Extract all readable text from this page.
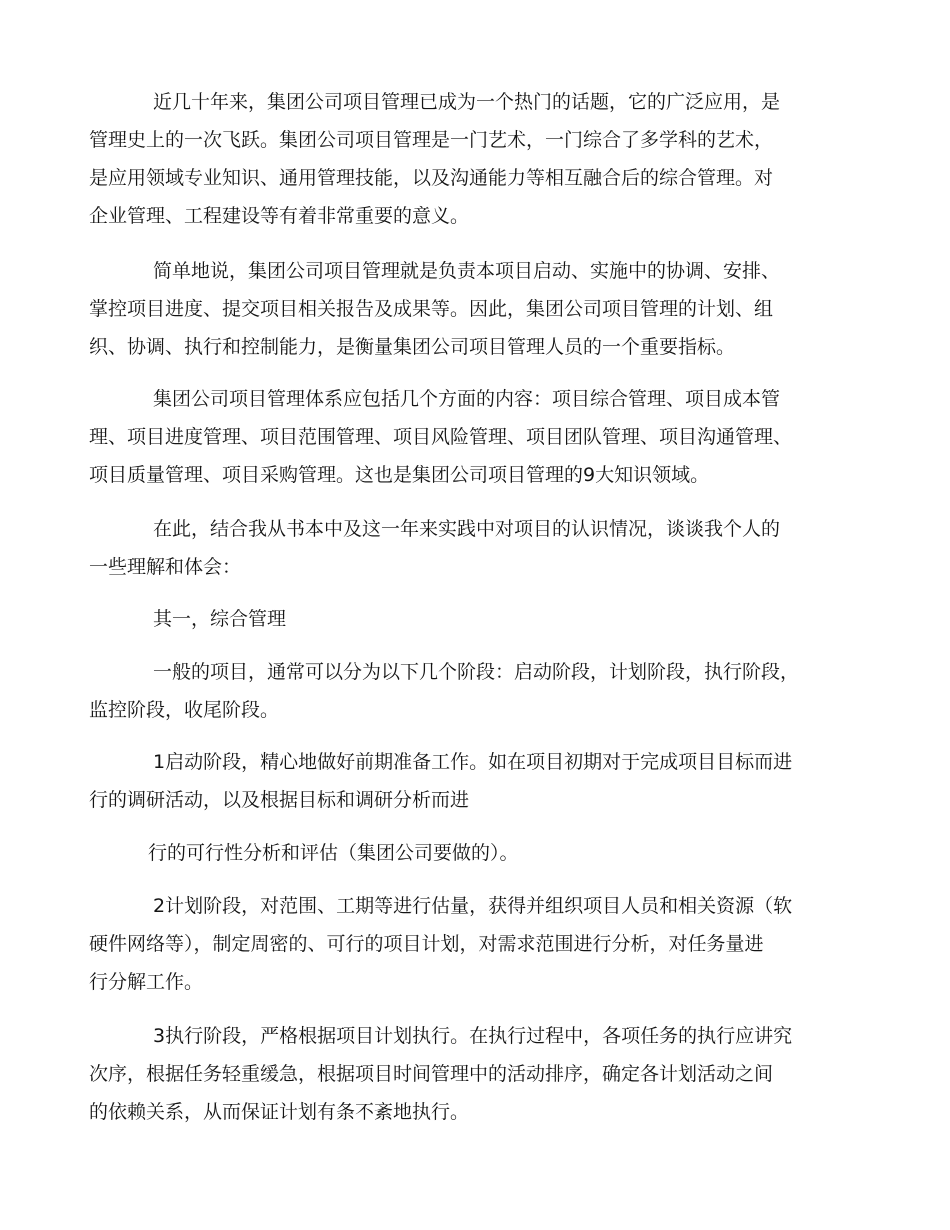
近几十年来，集团公司项目管理已成为一个热门的话题，它的广泛应用，是

管理史上的一次飞跃。集团公司项目管理是一门艺术，一门综合了多学科的艺术，

是应用领域专业知识、通用管理技能，以及沟通能力等相互融合后的综合管理。对

企业管理、工程建设等有着非常重要的意义。

简单地说，集团公司项目管理就是负责本项目启动、实施中的协调、安排、

掌控项目进度、提交项目相关报告及成果等。因此，集团公司项目管理的计划、组

织、协调、执行和控制能力，是衡量集团公司项目管理人员的一个重要指标。

集团公司项目管理体系应包括几个方面的内容：项目综合管理、项目成本管

理、项目进度管理、项目范围管理、项目风险管理、项目团队管理、项目沟通管理、

项目质量管理、项目采购管理。这也是集团公司项目管理的9大知识领域。

在此，结合我从书本中及这一年来实践中对项目的认识情况，谈谈我个人的

一些理解和体会：

其一，综合管理

一般的项目，通常可以分为以下几个阶段：启动阶段，计划阶段，执行阶段，

监控阶段，收尾阶段。

1启动阶段，精心地做好前期准备工作。如在项目初期对于完成项目目标而进

行的调研活动，以及根据目标和调研分析而进

行的可行性分析和评估（集团公司要做的）。

2计划阶段，对范围、工期等进行估量，获得并组织项目人员和相关资源（软

硬件网络等），制定周密的、可行的项目计划，对需求范围进行分析，对任务量进

行分解工作。

3执行阶段，严格根据项目计划执行。在执行过程中，各项任务的执行应讲究

次序，根据任务轻重缓急，根据项目时间管理中的活动排序，确定各计划活动之间

的依赖关系，从而保证计划有条不紊地执行。
